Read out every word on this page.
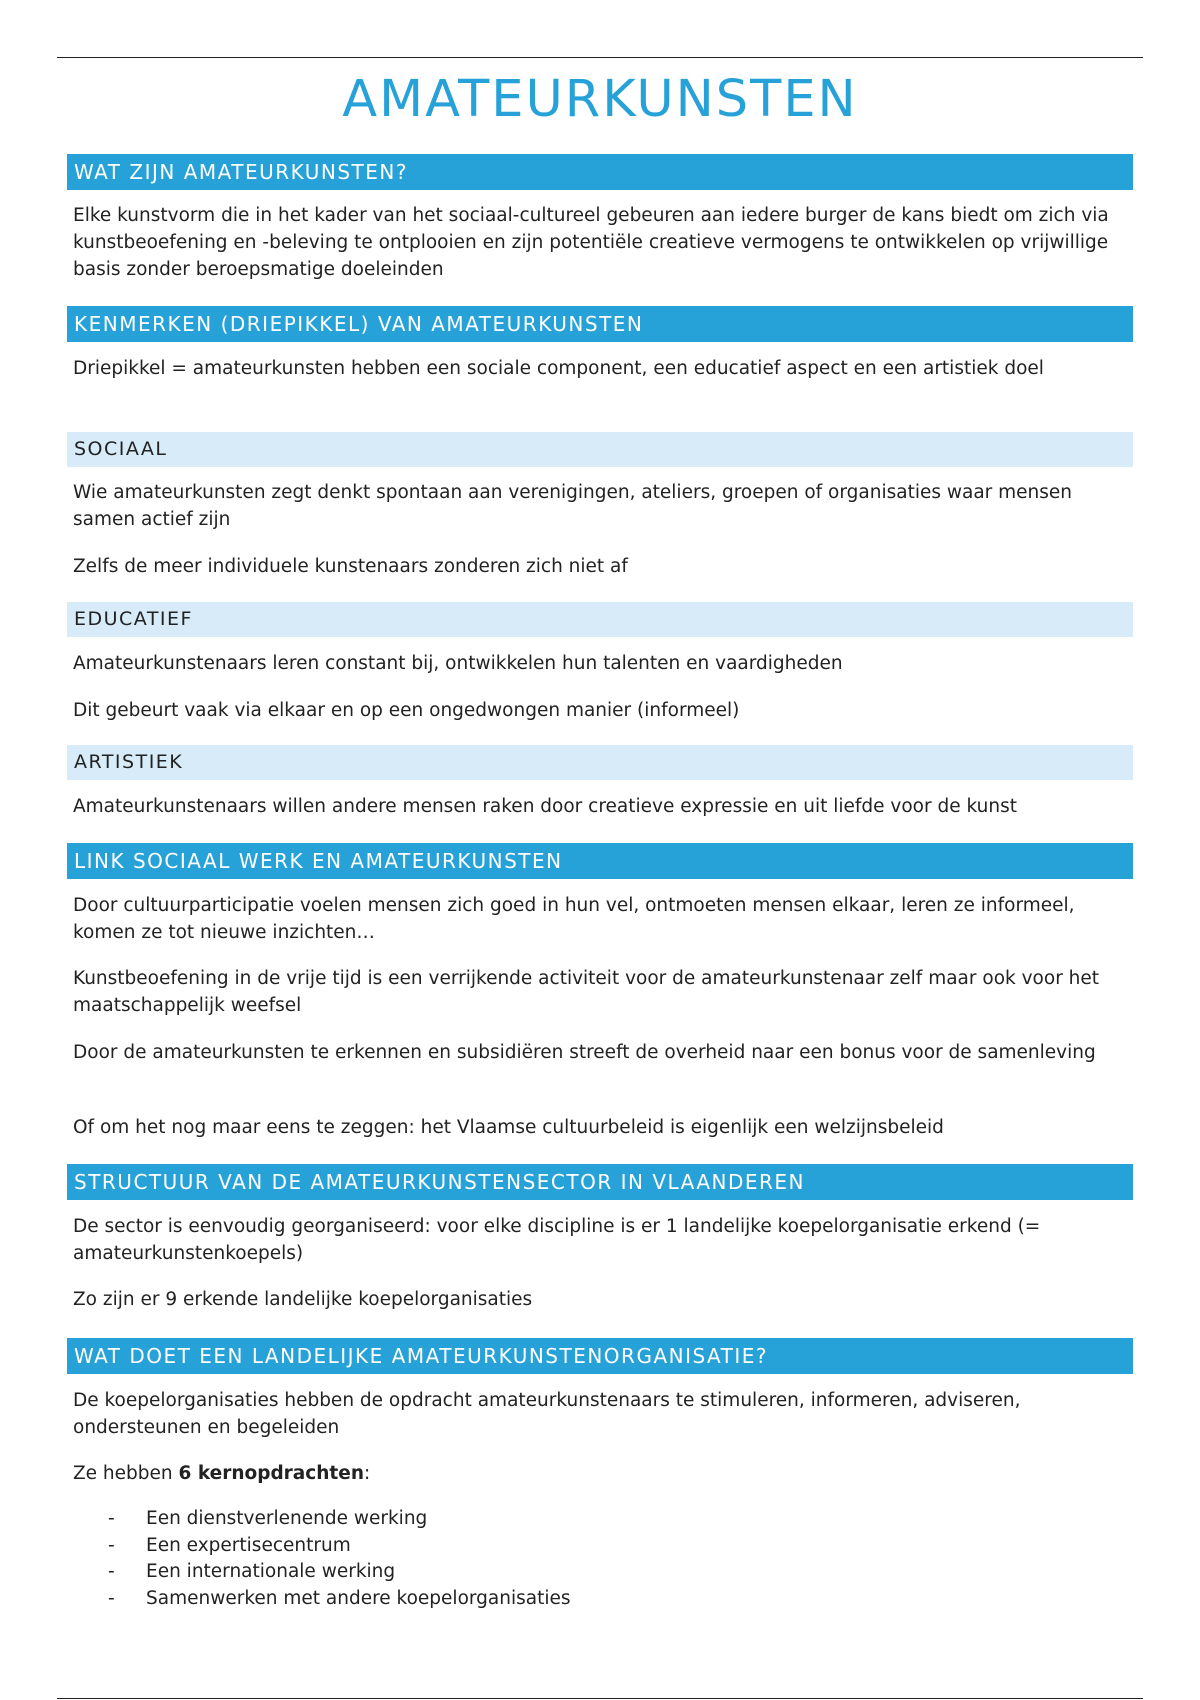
AMATEURKUNSTEN
WAT ZIJN AMATEURKUNSTEN?

Elke kunstvorm die in het kader van het sociaal-cultureel gebeuren aan iedere burger de kans biedt om zich via kunstbeoefening en -beleving te ontplooien en zijn potentiële creatieve vermogens te ontwikkelen op vrijwillige basis zonder beroepsmatige doeleinden

KENMERKEN (DRIEPIKKEL) VAN AMATEURKUNSTEN

Driepikkel = amateurkunsten hebben een sociale component, een educatief aspect en een artistiek doel

SOCIAAL

Wie amateurkunsten zegt denkt spontaan aan verenigingen, ateliers, groepen of organisaties waar mensen samen actief zijn

Zelfs de meer individuele kunstenaars zonderen zich niet af

EDUCATIEF

Amateurkunstenaars leren constant bij, ontwikkelen hun talenten en vaardigheden

Dit gebeurt vaak via elkaar en op een ongedwongen manier (informeel)

ARTISTIEK

Amateurkunstenaars willen andere mensen raken door creatieve expressie en uit liefde voor de kunst

LINK SOCIAAL WERK EN AMATEURKUNSTEN

Door cultuurparticipatie voelen mensen zich goed in hun vel, ontmoeten mensen elkaar, leren ze informeel, komen ze tot nieuwe inzichten…

Kunstbeoefening in de vrije tijd is een verrijkende activiteit voor de amateurkunstenaar zelf maar ook voor het maatschappelijk weefsel

Door de amateurkunsten te erkennen en subsidiëren streeft de overheid naar een bonus voor de samenleving

Of om het nog maar eens te zeggen: het Vlaamse cultuurbeleid is eigenlijk een welzijnsbeleid

STRUCTUUR VAN DE AMATEURKUNSTENSECTOR IN VLAANDEREN

De sector is eenvoudig georganiseerd: voor elke discipline is er 1 landelijke koepelorganisatie erkend (= amateurkunstenkoepels)

Zo zijn er 9 erkende landelijke koepelorganisaties

WAT DOET EEN LANDELIJKE AMATEURKUNSTENORGANISATIE?

De koepelorganisaties hebben de opdracht amateurkunstenaars te stimuleren, informeren, adviseren, ondersteunen en begeleiden

Ze hebben 6 kernopdrachten:

- Een dienstverlenende werking
- Een expertisecentrum
- Een internationale werking
- Samenwerken met andere koepelorganisaties
